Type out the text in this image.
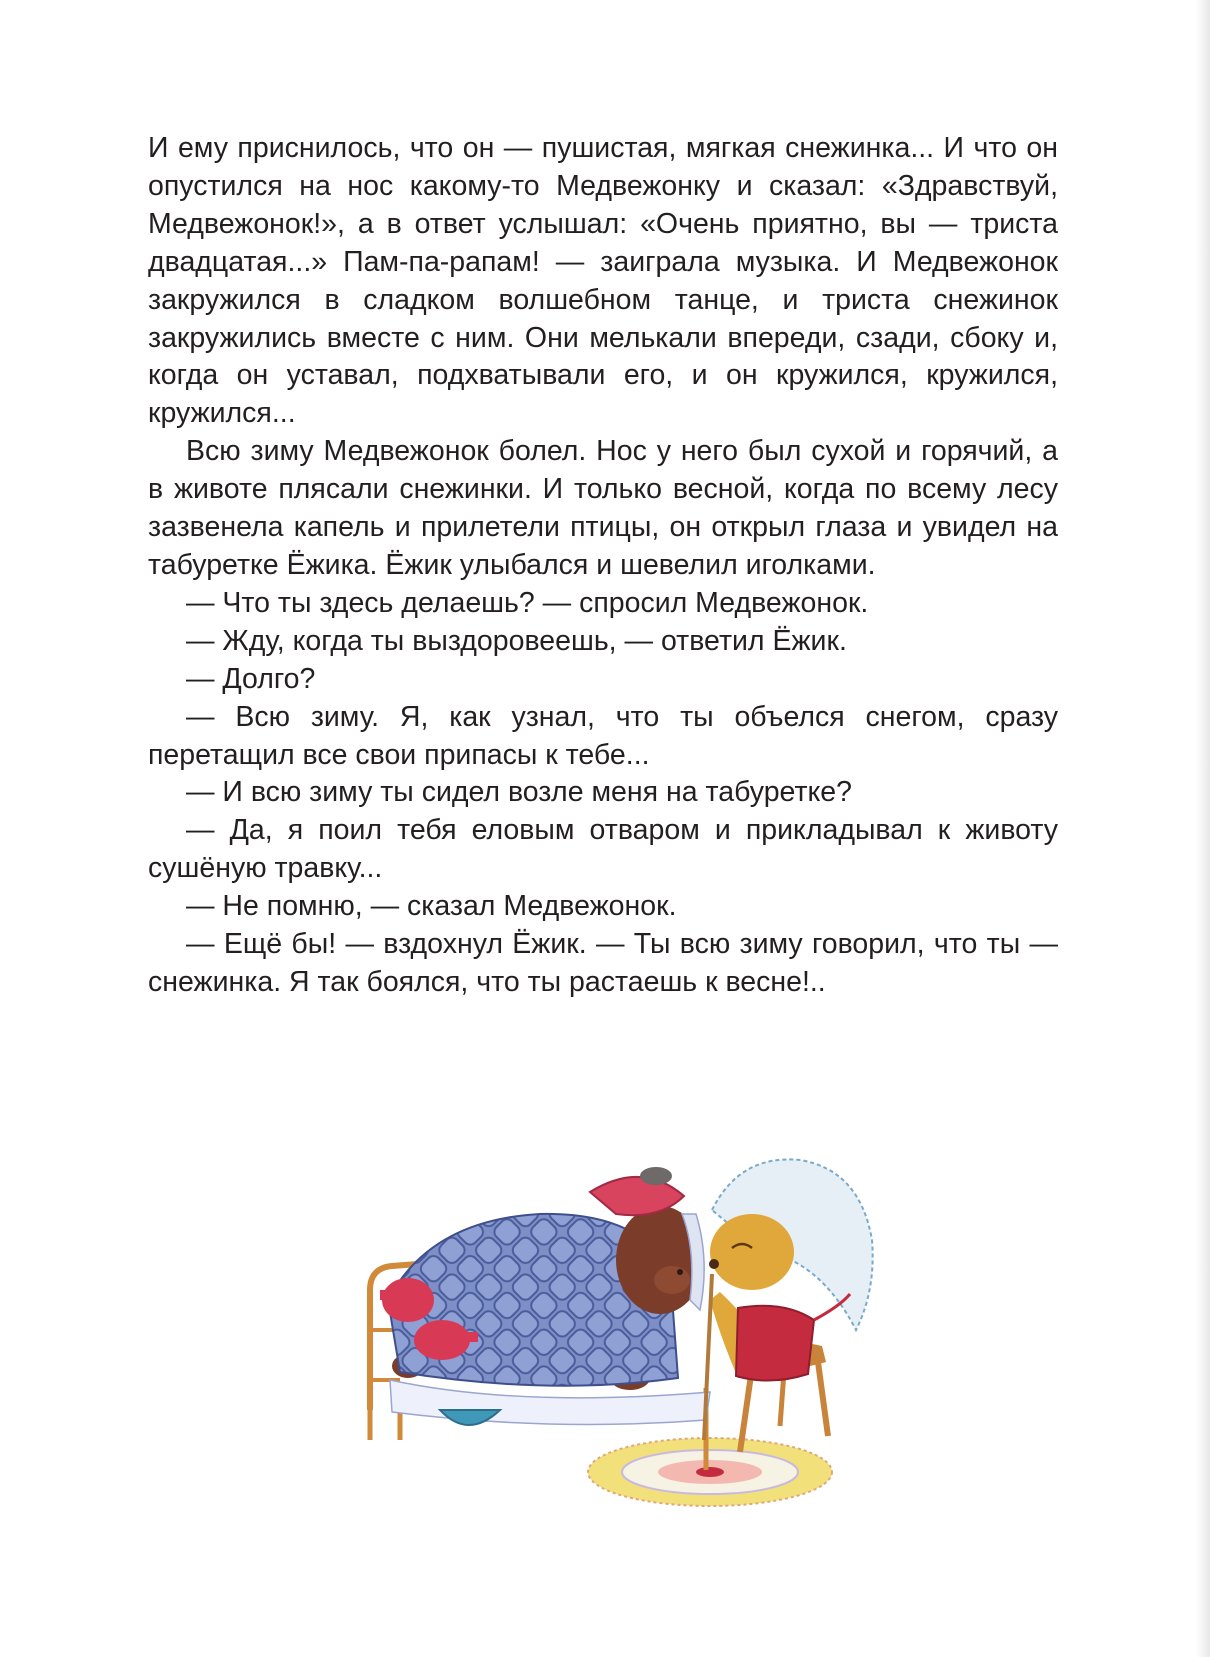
И ему приснилось, что он — пушистая, мягкая снежинка... И что он опустился на нос какому-то Медвежонку и сказал: «Здравствуй, Медвежонок!», а в ответ услышал: «Очень приятно, вы — триста двадцатая...» Пам-па-рапам! — заиграла музыка. И Медвежонок закружился в сладком волшебном танце, и триста снежинок закружились вместе с ним. Они мелькали впереди, сзади, сбоку и, когда он уставал, подхватывали его, и он кружился, кружился, кружился...

Всю зиму Медвежонок болел. Нос у него был сухой и горячий, а в животе плясали снежинки. И только весной, когда по всему лесу зазвенела капель и прилетели птицы, он открыл глаза и увидел на табуретке Ёжика. Ёжик улыбался и шевелил иголками.

— Что ты здесь делаешь? — спросил Медвежонок.

— Жду, когда ты выздоровеешь, — ответил Ёжик.

— Долго?

— Всю зиму. Я, как узнал, что ты объелся снегом, сразу перетащил все свои припасы к тебе...

— И всю зиму ты сидел возле меня на табуретке?

— Да, я поил тебя еловым отваром и прикладывал к животу сушёную травку...

— Не помню, — сказал Медвежонок.

— Ещё бы! — вздохнул Ёжик. — Ты всю зиму говорил, что ты — снежинка. Я так боялся, что ты растаешь к весне!..
